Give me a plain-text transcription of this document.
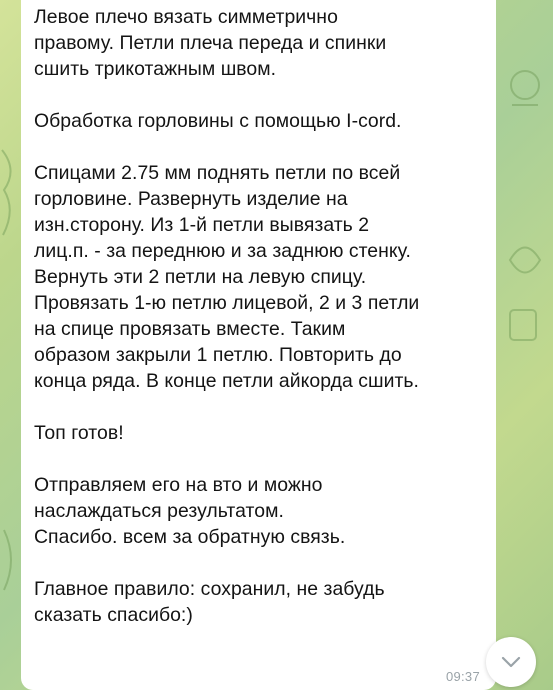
Левое плечо вязать симметрично
правому. Петли плеча переда и спинки
сшить трикотажным швом.
Обработка горловины с помощью I-cord.
Спицами 2.75 мм поднять петли по всей
горловине. Развернуть изделие на
изн.сторону. Из 1-й петли вывязать 2
лиц.п. - за переднюю и за заднюю стенку.
Вернуть эти 2 петли на левую спицу.
Провязать 1-ю петлю лицевой, 2 и 3 петли
на спице провязать вместе. Таким
образом закрыли 1 петлю. Повторить до
конца ряда. В конце петли айкорда сшить.
Топ готов!
Отправляем его на вто и можно
наслаждаться результатом.
Спасибо. всем за обратную связь.
Главное правило: сохранил, не забудь
сказать спасибо:)

09:37
